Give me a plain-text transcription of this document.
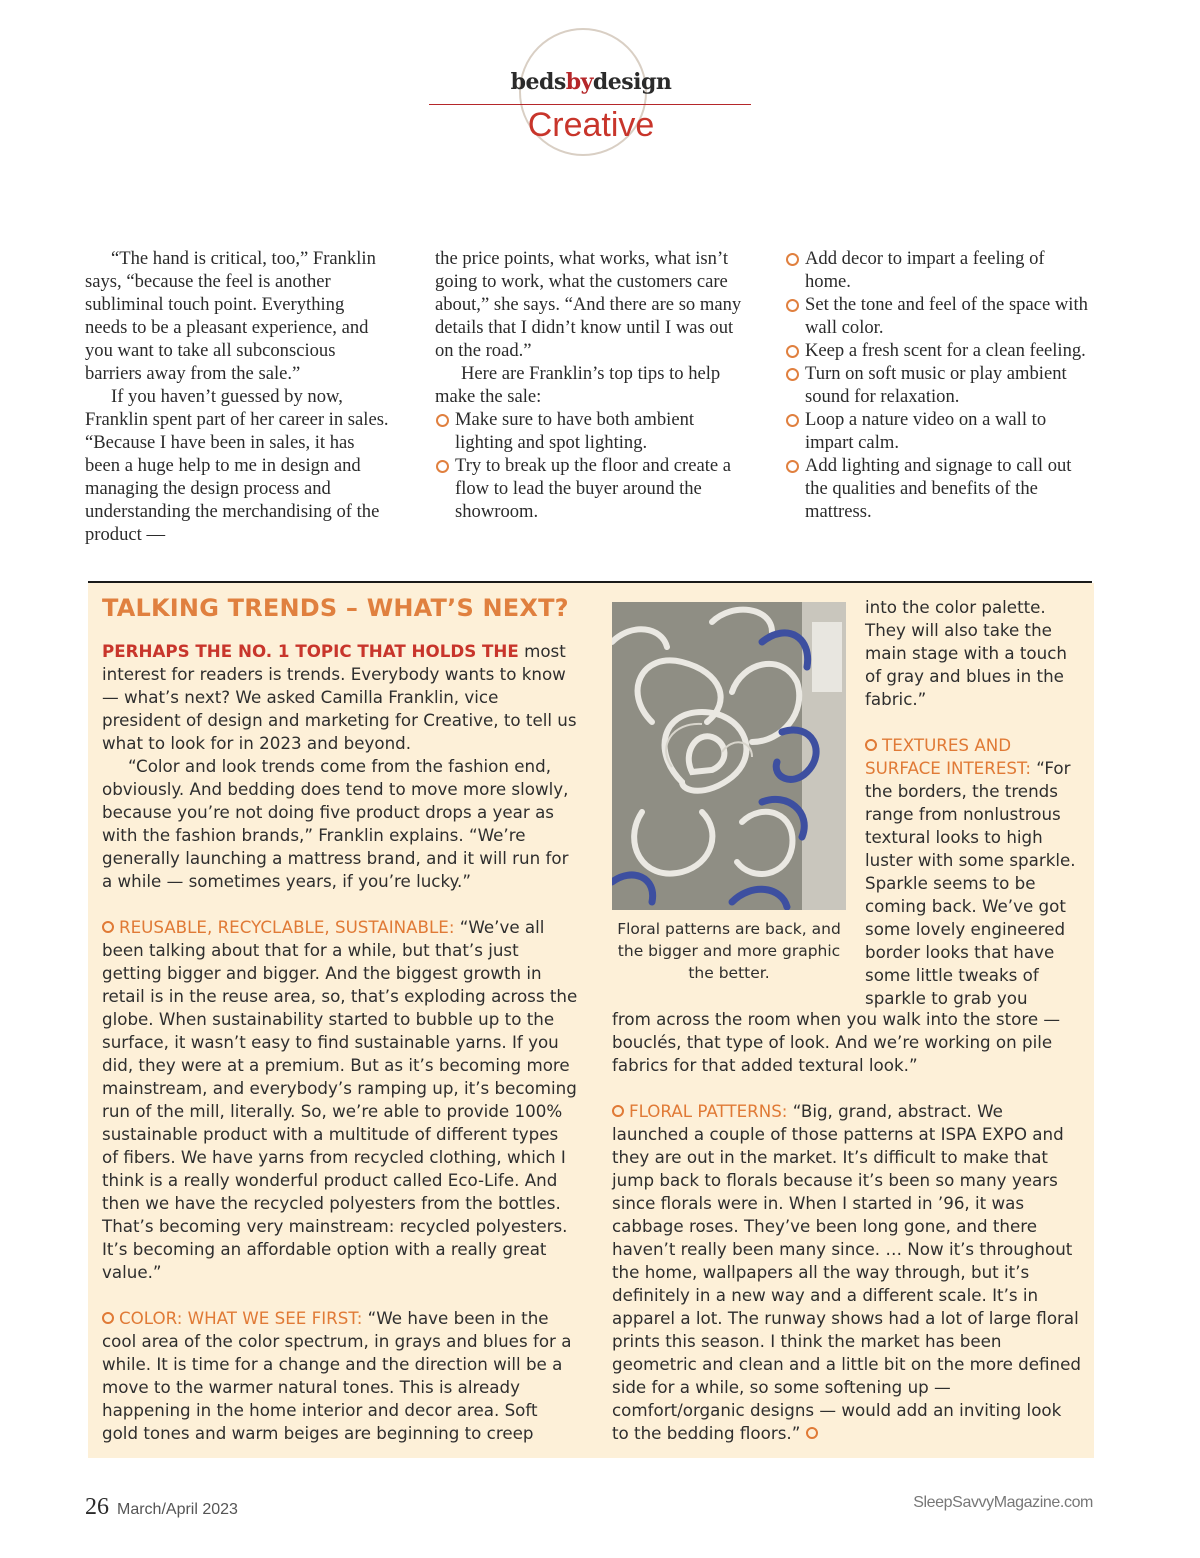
bedsbydesign
Creative

“The hand is critical, too,” Franklin says, “because the feel is another subliminal touch point. Everything needs to be a pleasant experience, and you want to take all subconscious barriers away from the sale.”

If you haven’t guessed by now, Franklin spent part of her career in sales. “Because I have been in sales, it has been a huge help to me in design and managing the design process and understanding the merchandising of the product —

the price points, what works, what isn’t going to work, what the customers care about,” she says. “And there are so many details that I didn’t know until I was out on the road.”

Here are Franklin’s top tips to help make the sale:

Make sure to have both ambient lighting and spot lighting.

Try to break up the floor and create a flow to lead the buyer around the showroom.

Add decor to impart a feeling of home.

Set the tone and feel of the space with wall color.

Keep a fresh scent for a clean feeling.

Turn on soft music or play ambient sound for relaxation.

Loop a nature video on a wall to impart calm.

Add lighting and signage to call out the qualities and benefits of the mattress.

TALKING TRENDS – WHAT’S NEXT?

PERHAPS THE NO. 1 TOPIC THAT HOLDS THE most interest for readers is trends. Everybody wants to know — what’s next? We asked Camilla Franklin, vice president of design and marketing for Creative, to tell us what to look for in 2023 and beyond.

“Color and look trends come from the fashion end, obviously. And bedding does tend to move more slowly, because you’re not doing five product drops a year as with the fashion brands,” Franklin explains. “We’re generally launching a mattress brand, and it will run for a while — sometimes years, if you’re lucky.”

REUSABLE, RECYCLABLE, SUSTAINABLE: “We’ve all been talking about that for a while, but that’s just getting bigger and bigger. And the biggest growth in retail is in the reuse area, so, that’s exploding across the globe. When sustainability started to bubble up to the surface, it wasn’t easy to find sustainable yarns. If you did, they were at a premium. But as it’s becoming more mainstream, and everybody’s ramping up, it’s becoming run of the mill, literally. So, we’re able to provide 100% sustainable product with a multitude of different types of fibers. We have yarns from recycled clothing, which I think is a really wonderful product called Eco-Life. And then we have the recycled polyesters from the bottles. That’s becoming very mainstream: recycled polyesters. It’s becoming an affordable option with a really great value.”

COLOR: WHAT WE SEE FIRST: “We have been in the cool area of the color spectrum, in grays and blues for a while. It is time for a change and the direction will be a move to the warmer natural tones. This is already happening in the home interior and decor area. Soft gold tones and warm beiges are beginning to creep

Floral patterns are back, and the bigger and more graphic the better.

into the color palette. They will also take the main stage with a touch of gray and blues in the fabric.”

TEXTURES AND SURFACE INTEREST: “For the borders, the trends range from nonlustrous textural looks to high luster with some sparkle. Sparkle seems to be coming back. We’ve got some lovely engineered border looks that have some little tweaks of sparkle to grab you

from across the room when you walk into the store — bouclés, that type of look. And we’re working on pile fabrics for that added textural look.”

FLORAL PATTERNS: “Big, grand, abstract. We launched a couple of those patterns at ISPA EXPO and they are out in the market. It’s difficult to make that jump back to florals because it’s been so many years since florals were in. When I started in ’96, it was cabbage roses. They’ve been long gone, and there haven’t really been many since. … Now it’s throughout the home, wallpapers all the way through, but it’s definitely in a new way and a different scale. It’s in apparel a lot. The runway shows had a lot of large floral prints this season. I think the market has been geometric and clean and a little bit on the more defined side for a while, so some softening up — comfort/organic designs — would add an inviting look to the bedding floors.”

26 March/April 2023	SleepSavvyMagazine.com
